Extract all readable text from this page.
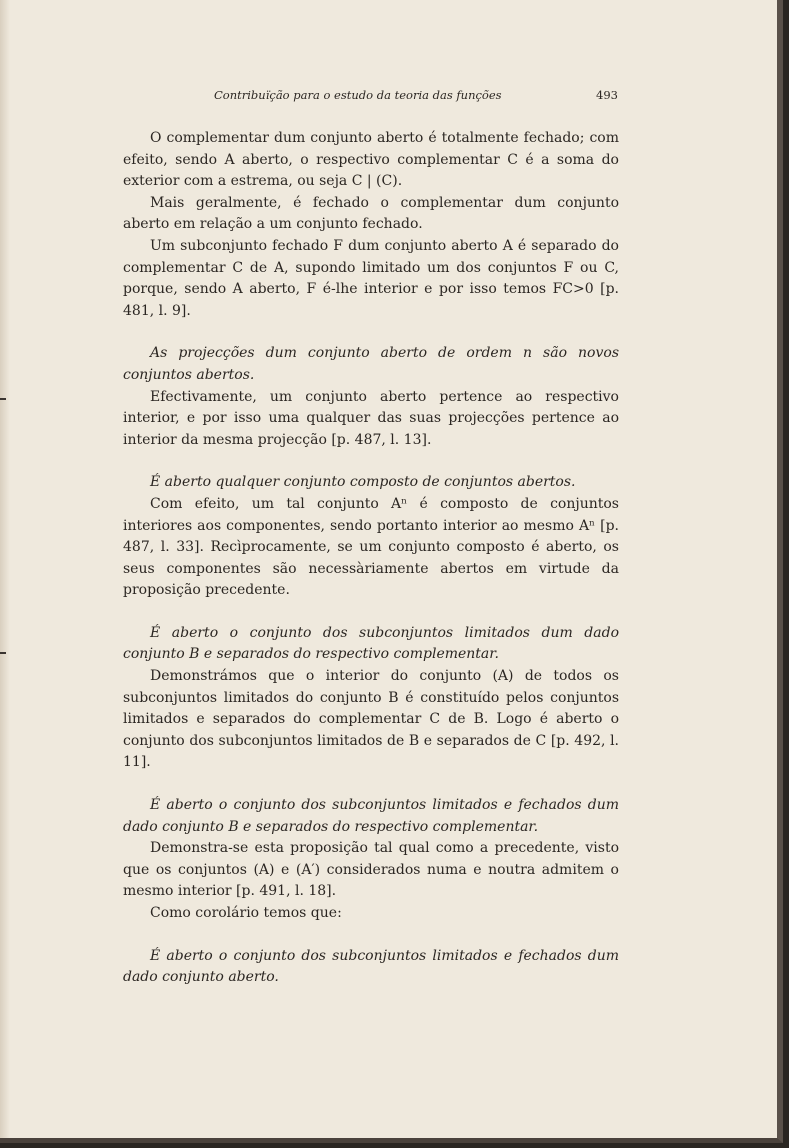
Contribuïção para o estudo da teoria das funções	493

O complementar dum conjunto aberto é totalmente fechado; com efeito, sendo A aberto, o respectivo complementar C é a soma do exterior com a estrema, ou seja C | (C).

Mais geralmente, é fechado o complementar dum conjunto aberto em relação a um conjunto fechado.

Um subconjunto fechado F dum conjunto aberto A é separado do complementar C de A, supondo limitado um dos conjuntos F ou C, porque, sendo A aberto, F é-lhe interior e por isso temos FC>0 [p. 481, l. 9].

As projecções dum conjunto aberto de ordem n são novos conjuntos abertos.

Efectivamente, um conjunto aberto pertence ao respectivo interior, e por isso uma qualquer das suas projecções pertence ao interior da mesma projecção [p. 487, l. 13].

É aberto qualquer conjunto composto de conjuntos abertos.

Com efeito, um tal conjunto Aⁿ é composto de conjuntos interiores aos componentes, sendo portanto interior ao mesmo Aⁿ [p. 487, l. 33]. Recìprocamente, se um conjunto composto é aberto, os seus componentes são necessàriamente abertos em virtude da proposição precedente.

É aberto o conjunto dos subconjuntos limitados dum dado conjunto B e separados do respectivo complementar.

Demonstrámos que o interior do conjunto (A) de todos os subconjuntos limitados do conjunto B é constituído pelos conjuntos limitados e separados do complementar C de B. Logo é aberto o conjunto dos subconjuntos limitados de B e separados de C [p. 492, l. 11].

É aberto o conjunto dos subconjuntos limitados e fechados dum dado conjunto B e separados do respectivo complementar.

Demonstra-se esta proposição tal qual como a precedente, visto que os conjuntos (A) e (A′) considerados numa e noutra admitem o mesmo interior [p. 491, l. 18].

Como corolário temos que:

É aberto o conjunto dos subconjuntos limitados e fechados dum dado conjunto aberto.
